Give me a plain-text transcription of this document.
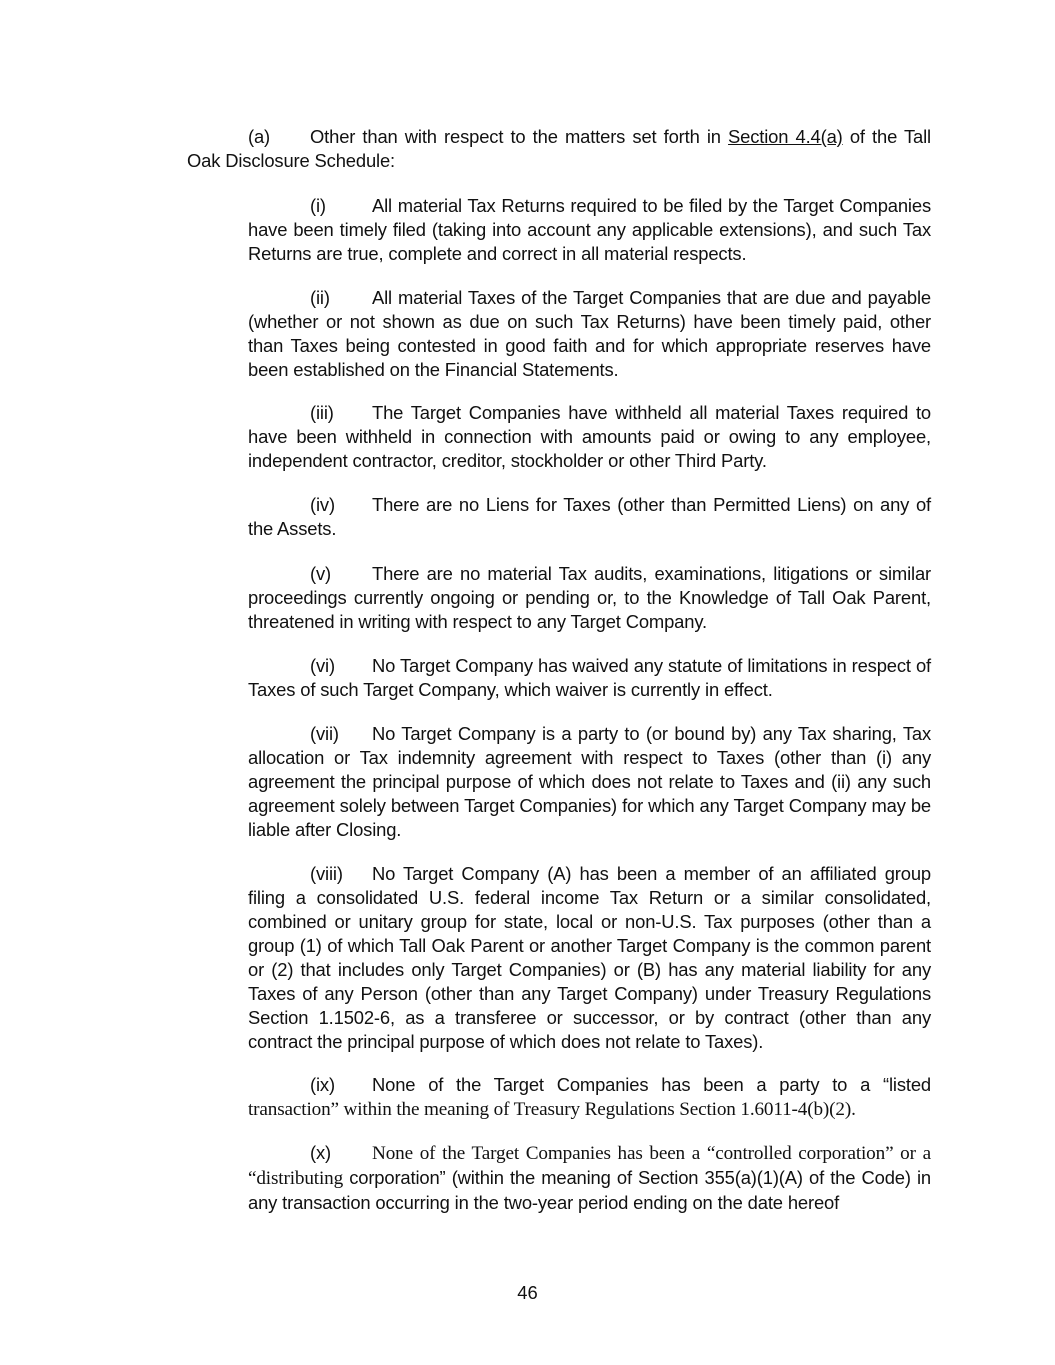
(a) Other than with respect to the matters set forth in Section 4.4(a) of the Tall Oak Disclosure Schedule:

(i)	All material Tax Returns required to be filed by the Target Companies have been timely filed (taking into account any applicable extensions), and such Tax Returns are true, complete and correct in all material respects.

(ii) All material Taxes of the Target Companies that are due and payable (whether or not shown as due on such Tax Returns) have been timely paid, other than Taxes being contested in good faith and for which appropriate reserves have been established on the Financial Statements.

(iii) The Target Companies have withheld all material Taxes required to have been withheld in connection with amounts paid or owing to any employee, independent contractor, creditor, stockholder or other Third Party.

(iv) There are no Liens for Taxes (other than Permitted Liens) on any of the Assets.

(v) There are no material Tax audits, examinations, litigations or similar proceedings currently ongoing or pending or, to the Knowledge of Tall Oak Parent, threatened in writing with respect to any Target Company.

(vi) No Target Company has waived any statute of limitations in respect of Taxes of such Target Company, which waiver is currently in effect.

(vii) No Target Company is a party to (or bound by) any Tax sharing, Tax allocation or Tax indemnity agreement with respect to Taxes (other than (i) any agreement the principal purpose of which does not relate to Taxes and (ii) any such agreement solely between Target Companies) for which any Target Company may be liable after Closing.

(viii) No Target Company (A) has been a member of an affiliated group filing a consolidated U.S. federal income Tax Return or a similar consolidated, combined or unitary group for state, local or non-U.S. Tax purposes (other than a group (1) of which Tall Oak Parent or another Target Company is the common parent or (2) that includes only Target Companies) or (B) has any material liability for any Taxes of any Person (other than any Target Company) under Treasury Regulations Section 1.1502-6, as a transferee or successor, or by contract (other than any contract the principal purpose of which does not relate to Taxes).

(ix) None of the Target Companies has been a party to a “listed transaction” within the meaning of Treasury Regulations Section 1.6011-4(b)(2).

(x) None of the Target Companies has been a “controlled corporation” or a “distributing corporation” (within the meaning of Section 355(a)(1)(A) of the Code) in any transaction occurring in the two-year period ending on the date hereof

46
